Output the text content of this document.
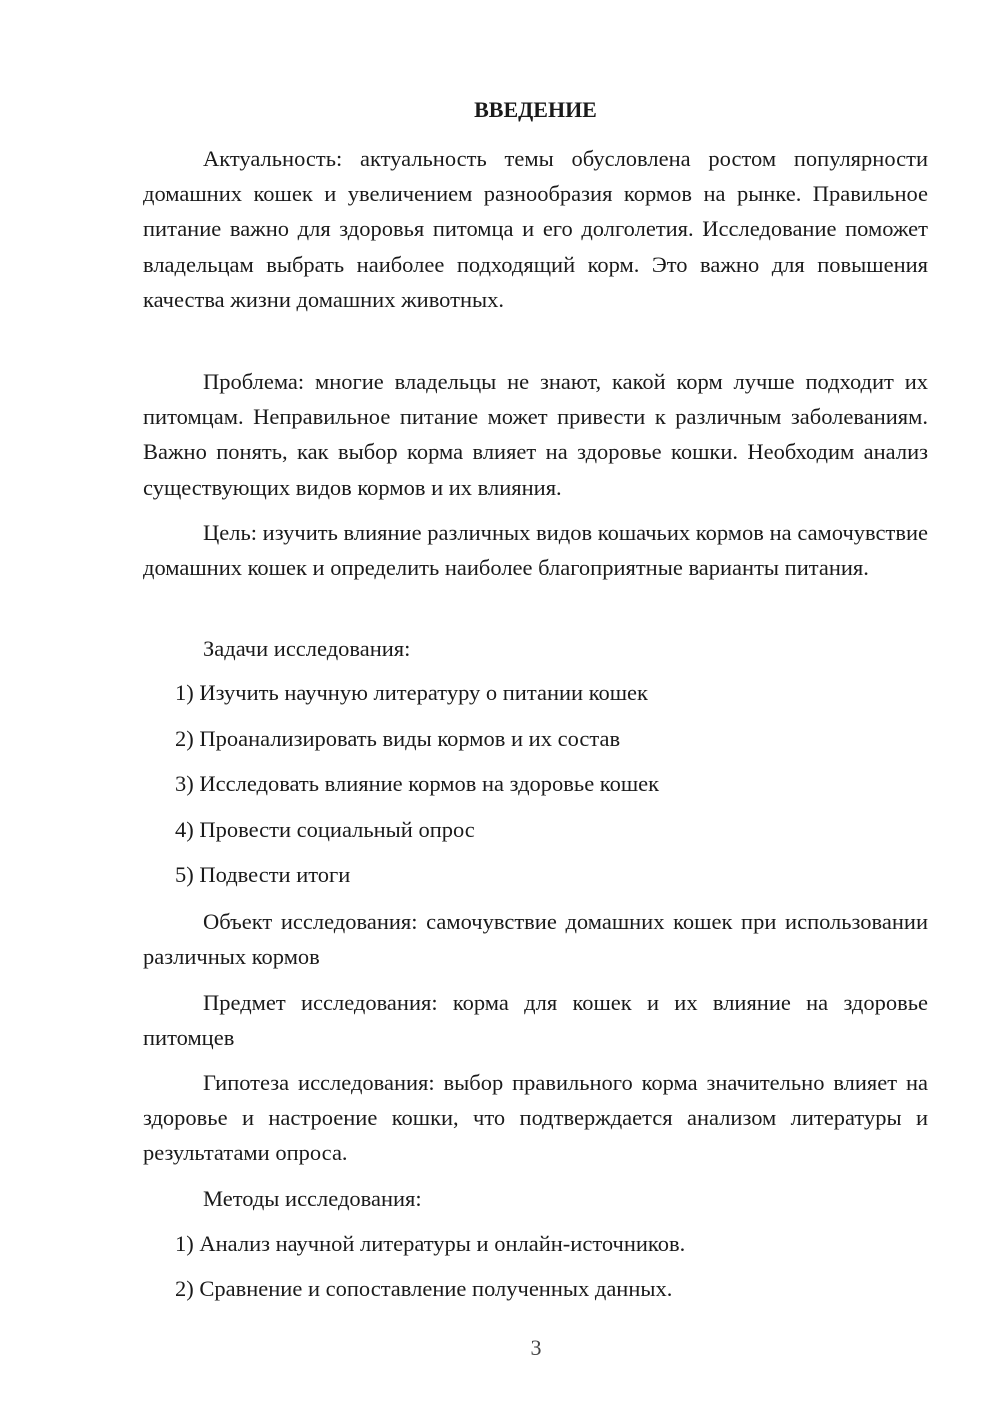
ВВЕДЕНИЕ

Актуальность: актуальность темы обусловлена ростом популярности домашних кошек и увеличением разнообразия кормов на рынке. Правильное питание важно для здоровья питомца и его долголетия. Исследование поможет владельцам выбрать наиболее подходящий корм. Это важно для повышения качества жизни домашних животных.

Проблема: многие владельцы не знают, какой корм лучше подходит их питомцам. Неправильное питание может привести к различным заболеваниям. Важно понять, как выбор корма влияет на здоровье кошки. Необходим анализ существующих видов кормов и их влияния.

Цель: изучить влияние различных видов кошачьих кормов на самочувствие домашних кошек и определить наиболее благоприятные варианты питания.

Задачи исследования:

1) Изучить научную литературу о питании кошек

2) Проанализировать виды кормов и их состав

3) Исследовать влияние кормов на здоровье кошек

4) Провести социальный опрос

5) Подвести итоги

Объект исследования: самочувствие домашних кошек при использовании различных кормов

Предмет исследования: корма для кошек и их влияние на здоровье питомцев

Гипотеза исследования: выбор правильного корма значительно влияет на здоровье и настроение кошки, что подтверждается анализом литературы и результатами опроса.

Методы исследования:

1) Анализ научной литературы и онлайн-источников.

2) Сравнение и сопоставление полученных данных.

3
